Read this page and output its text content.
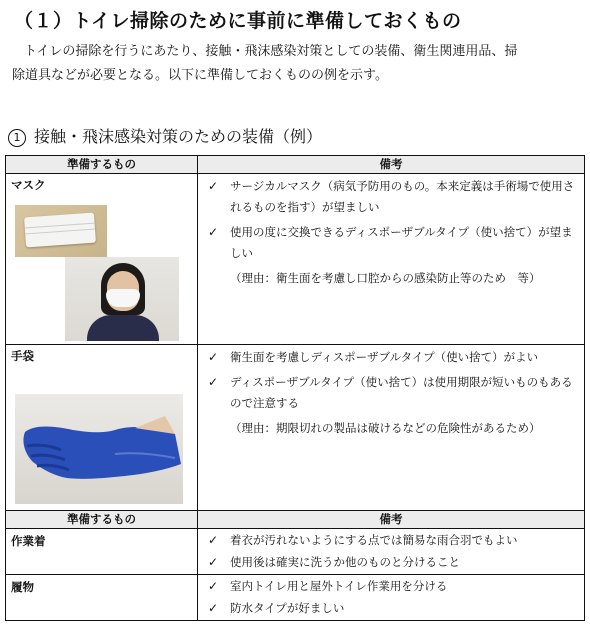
（１）トイレ掃除のために事前に準備しておくもの
トイレの掃除を行うにあたり、接触・飛沫感染対策としての装備、衛生関連用品、掃
除道具などが必要となる。以下に準備しておくものの例を示す。
1 接触・飛沫感染対策のための装備（例）
準備するもの	備考

マスク	✓ サージカルマスク（病気予防用のもの。本来定義は手術場で使用されるものを指す）が望ましい
✓ 使用の度に交換できるディスポーザブルタイプ（使い捨て）が望ましい
（理由：衛生面を考慮し口腔からの感染防止等のため　等）

手袋	✓ 衛生面を考慮しディスポーザブルタイプ（使い捨て）がよい
✓ ディスポーザブルタイプ（使い捨て）は使用期限が短いものもあるので注意する
（理由：期限切れの製品は破けるなどの危険性があるため）
準備するもの	備考

作業着	✓ 着衣が汚れないようにする点では簡易な雨合羽でもよい
✓ 使用後は確実に洗うか他のものと分けること

履物	✓ 室内トイレ用と屋外トイレ作業用を分ける
✓ 防水タイプが好ましい
